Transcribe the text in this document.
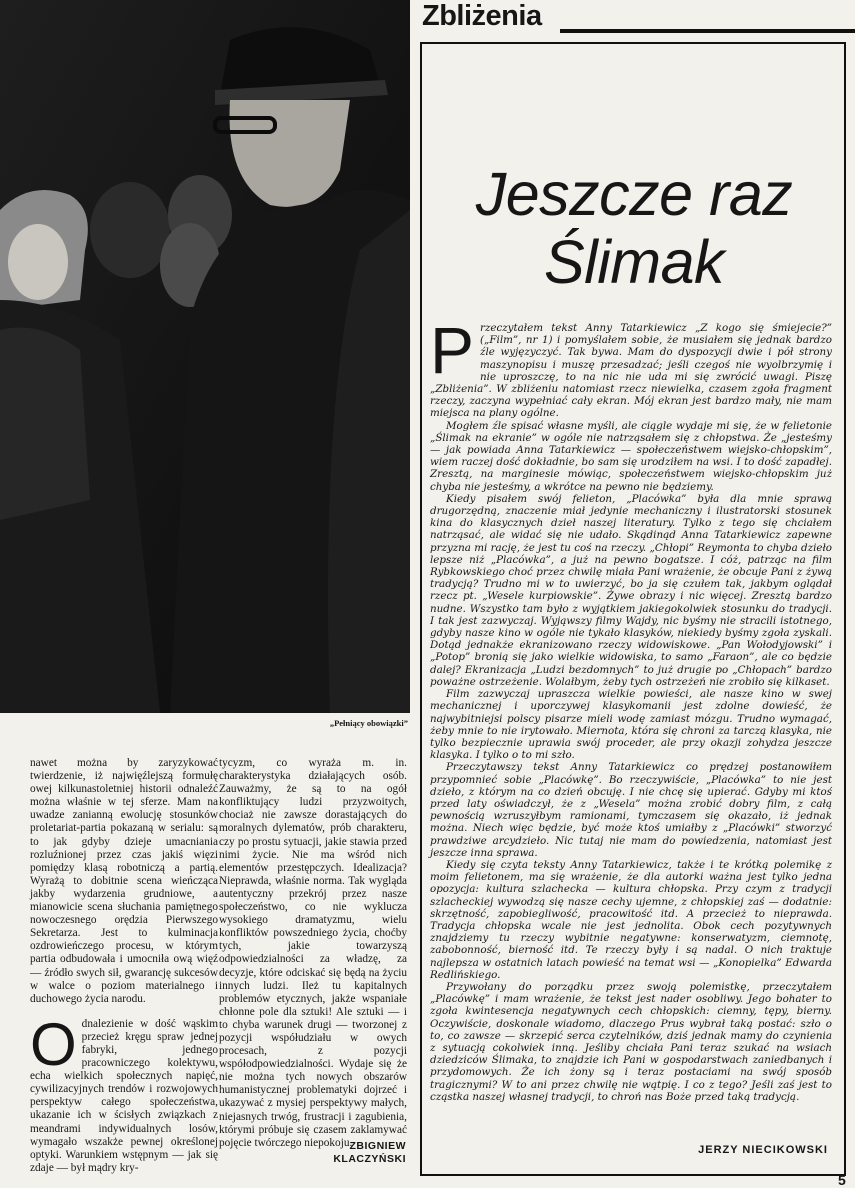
„Pełniący obowiązki”
Zbliżenia

nawet można by zaryzykować twierdzenie, iż najwięźlejszą formułę owej kilkunastoletniej historii odnaleźć można właśnie w tej sferze. Mam na uwadze zanianną ewolucję stosunków proletariat-partia pokazaną w serialu: są to jak gdyby dzieje umacniania rozluźnionej przez czas jakiś więzi pomiędzy klasą robotniczą a partią. Wyrażą to dobitnie scena wieńcząca jakby wydarzenia grudniowe, a mianowicie scena słuchania pamiętnego nowoczesnego orędzia Pierwszego Sekretarza. Jest to kulminacja ozdrowieńczego procesu, w którym partia odbudowała i umocniła ową więź — źródło swych sił, gwarancję sukcesów w walce o poziom materialnego i duchowego życia narodu.

Odnalezienie w dość wąskim przecież kręgu spraw jednej fabryki, jednego pracowniczego kolektywu, echa wielkich społecznych napięć, cywilizacyjnych trendów i rozwojowych perspektyw całego społeczeństwa, ukazanie ich w ścisłych związkach z meandrami indywidualnych losów, wymagało wszakże pewnej określonej optyki. Warunkiem wstępnym — jak się zdaje — był mądry kry-

tycyzm, co wyraża m. in. charakterystyka działających osób. Zauważmy, że są to na ogół konfliktujący ludzi przyzwoitych, chociaż nie zawsze dorastających do moralnych dylematów, prób charakteru, czy po prostu sytuacji, jakie stawia przed nimi życie. Nie ma wśród nich elementów przestępczych. Idealizacja? Nieprawda, właśnie norma. Tak wygląda autentyczny przekrój przez nasze społeczeństwo, co nie wyklucza wysokiego dramatyzmu, wielu konfliktów powszedniego życia, choćby tych, jakie towarzyszą odpowiedzialności za władzę, za decyzje, które odciskać się będą na życiu innych ludzi. Ileż tu kapitalnych problemów etycznych, jakże wspaniałe chłonne pole dla sztuki! Ale sztuki — i to chyba warunek drugi — tworzonej z pozycji współudziału w owych procesach, z pozycji współodpowiedzialności. Wydaje się że nie można tych nowych obszarów humanistycznej problematyki dojrzeć i ukazywać z mysiej perspektywy małych, niejasnych trwóg, frustracji i zagubienia, którymi próbuje się czasem zaklamywać pojęcie twórczego niepokoju.

ZBIGNIEW
KLACZYŃSKI
Jeszcze raz
Ślimak

Przeczytałem tekst Anny Tatarkiewicz „Z kogo się śmiejecie?” („Film”, nr 1) i pomyślałem sobie, że musiałem się jednak bardzo źle wyjęzyczyć. Tak bywa. Mam do dyspozycji dwie i pół strony maszynopisu i muszę przesadzać; jeśli czegoś nie wyolbrzymię i nie uproszczę, to na nic nie uda mi się zwrócić uwagi. Piszę „Zbliżenia”. W zbliżeniu natomiast rzecz niewielka, czasem zgoła fragment rzeczy, zaczyna wypełniać cały ekran. Mój ekran jest bardzo mały, nie mam miejsca na plany ogólne.

Mogłem źle spisać własne myśli, ale ciągle wydaje mi się, że w felietonie „Ślimak na ekranie” w ogóle nie natrząsałem się z chłopstwa. Że „jesteśmy — jak powiada Anna Tatarkiewicz — społeczeństwem wiejsko-chłopskim”, wiem raczej dość dokładnie, bo sam się urodziłem na wsi. I to dość zapadłej. Zresztą, na marginesie mówiąc, społeczeństwem wiejsko-chłopskim już chyba nie jesteśmy, a wkrótce na pewno nie będziemy.

Kiedy pisałem swój felieton, „Placówka” była dla mnie sprawą drugorzędną, znaczenie miał jedynie mechaniczny i ilustratorski stosunek kina do klasycznych dzieł naszej literatury. Tylko z tego się chciałem natrząsać, ale widać się nie udało. Skądinąd Anna Tatarkiewicz zapewne przyzna mi rację, że jest tu coś na rzeczy. „Chłopi” Reymonta to chyba dzieło lepsze niż „Placówka”, a już na pewno bogatsze. I cóż, patrząc na film Rybkowskiego choć przez chwilę miała Pani wrażenie, że obcuje Pani z żywą tradycją? Trudno mi w to uwierzyć, bo ja się czułem tak, jakbym oglądał rzecz pt. „Wesele kurpiowskie”. Żywe obrazy i nic więcej. Zresztą bardzo nudne. Wszystko tam było z wyjątkiem jakiegokolwiek stosunku do tradycji. I tak jest zazwyczaj. Wyjąwszy filmy Wajdy, nic byśmy nie stracili istotnego, gdyby nasze kino w ogóle nie tykało klasyków, niekiedy byśmy zgoła zyskali. Dotąd jednakże ekranizowano rzeczy widowiskowe. „Pan Wołodyjowski” i „Potop” bronią się jako wielkie widowiska, to samo „Faraon”, ale co będzie dalej? Ekranizacja „Ludzi bezdomnych” to już drugie po „Chłopach” bardzo poważne ostrzeżenie. Wolałbym, żeby tych ostrzeżeń nie zrobiło się kilkaset.

Film zazwyczaj upraszcza wielkie powieści, ale nasze kino w swej mechanicznej i uporczywej klasykomanii jest zdolne dowieść, że najwybitniejsi polscy pisarze mieli wodę zamiast mózgu. Trudno wymagać, żeby mnie to nie irytowało. Miernota, która się chroni za tarczą klasyka, nie tylko bezpiecznie uprawia swój proceder, ale przy okazji zohydza jeszcze klasyka. I tylko o to mi szło.

Przeczytawszy tekst Anny Tatarkiewicz co prędzej postanowiłem przypomnieć sobie „Placówkę”. Bo rzeczywiście, „Placówka” to nie jest dzieło, z którym na co dzień obcuję. I nie chcę się upierać. Gdyby mi ktoś przed laty oświadczył, że z „Wesela” można zrobić dobry film, z całą pewnością wzruszyłbym ramionami, tymczasem się okazało, iż jednak można. Niech więc będzie, być może ktoś umiałby z „Placówki” stworzyć prawdziwe arcydzieło. Nic tutaj nie mam do powiedzenia, natomiast jest jeszcze inna sprawa.

Kiedy się czyta teksty Anny Tatarkiewicz, także i te krótką polemikę z moim felietonem, ma się wrażenie, że dla autorki ważna jest tylko jedna opozycja: kultura szlachecka — kultura chłopska. Przy czym z tradycji szlacheckiej wywodzą się nasze cechy ujemne, z chłopskiej zaś — dodatnie: skrzętność, zapobiegliwość, pracowitość itd. A przecież to nieprawda. Tradycja chłopska wcale nie jest jednolita. Obok cech pozytywnych znajdziemy tu rzeczy wybitnie negatywne: konserwatyzm, ciemnotę, zabobonność, bierność itd. Te rzeczy były i są nadal. O nich traktuje najlepsza w ostatnich latach powieść na temat wsi — „Konopielka” Edwarda Redlińskiego.

Przywołany do porządku przez swoją polemistkę, przeczytałem „Placówkę” i mam wrażenie, że tekst jest nader osobliwy. Jego bohater to zgoła kwintesencja negatywnych cech chłopskich: ciemny, tępy, bierny. Oczywiście, doskonale wiadomo, dlaczego Prus wybrał taką postać: szło o to, co zawsze — skrzepić serca czytelników, dziś jednak mamy do czynienia z sytuacją cokolwiek inną. Jeśliby chciała Pani teraz szukać na wsiach dziedziców Ślimaka, to znajdzie ich Pani w gospodarstwach zaniedbanych i przydomowych. Że ich żony są i teraz postaciami na swój sposób tragicznymi? W to ani przez chwilę nie wątpię. I co z tego? Jeśli zaś jest to cząstka naszej własnej tradycji, to chroń nas Boże przed taką tradycją.

JERZY NIECIKOWSKI
5
